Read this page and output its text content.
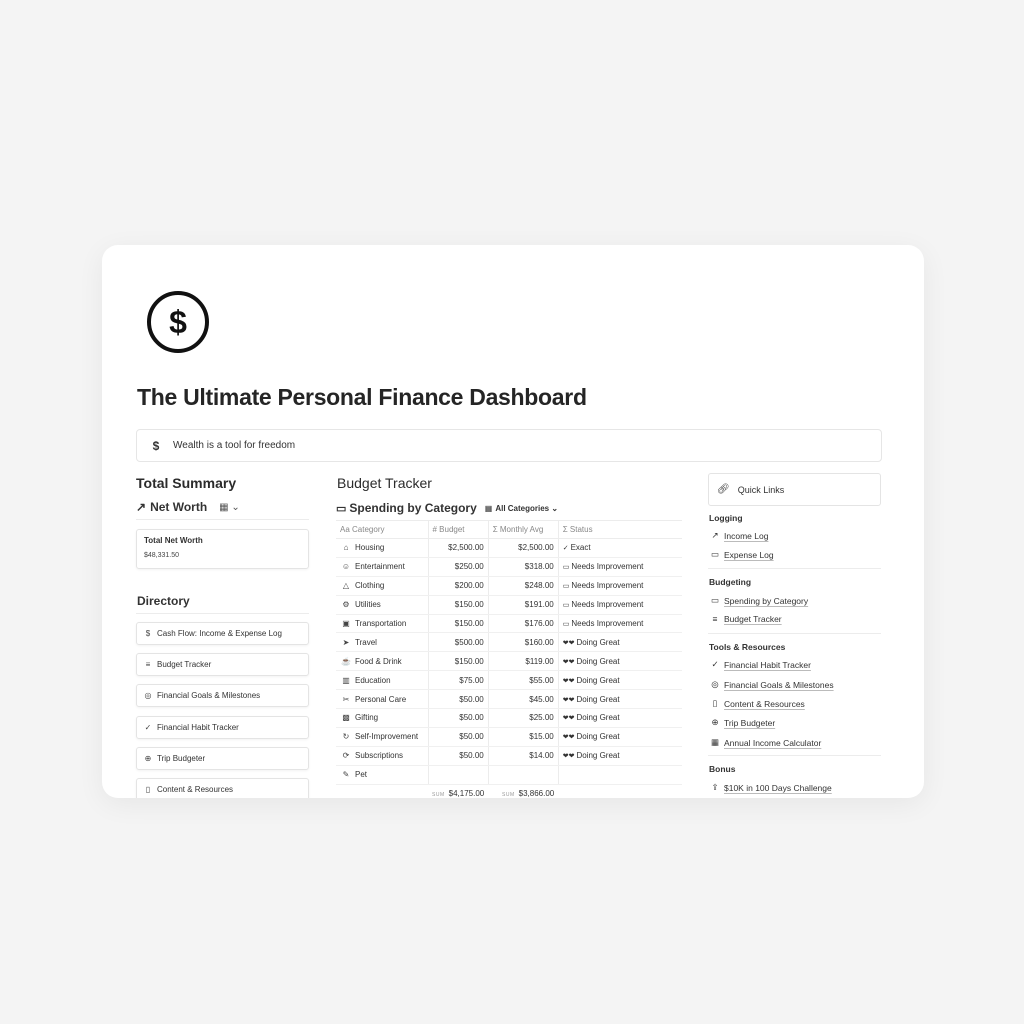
$
The Ultimate Personal Finance Dashboard
$	Wealth is a tool for freedom
Total Summary
↗ Net Worth ▦ ⌄
Total Net Worth
$48,331.50
Directory
$ Cash Flow: Income & Expense Log
≡ Budget Tracker
◎ Financial Goals & Milestones
✓ Financial Habit Tracker
⊕ Trip Budgeter
▯ Content & Resources
Budget Tracker
▭ Spending by Category ▦ All Categories ⌄
Aa Category	# Budget	Σ Monthly Avg	Σ Status
⌂ Housing	$2,500.00	$2,500.00	✓ Exact
☺ Entertainment	$250.00	$318.00	▭ Needs Improvement
△ Clothing	$200.00	$248.00	▭ Needs Improvement
⚙ Utilities	$150.00	$191.00	▭ Needs Improvement
▣ Transportation	$150.00	$176.00	▭ Needs Improvement
➤ Travel	$500.00	$160.00	❤❤ Doing Great
☕ Food & Drink	$150.00	$119.00	❤❤ Doing Great
▥ Education	$75.00	$55.00	❤❤ Doing Great
✂ Personal Care	$50.00	$45.00	❤❤ Doing Great
▩ Gifting	$50.00	$25.00	❤❤ Doing Great
↻ Self-Improvement	$50.00	$15.00	❤❤ Doing Great
⟳ Subscriptions	$50.00	$14.00	❤❤ Doing Great
✎ Pet			
	SUM $4,175.00	SUM $3,866.00	
🔗︎ Quick Links
Logging
↗ Income Log
▭ Expense Log
Budgeting
▭ Spending by Category
≡ Budget Tracker
Tools & Resources
✓ Financial Habit Tracker
◎ Financial Goals & Milestones
▯ Content & Resources
⊕ Trip Budgeter
▦ Annual Income Calculator
Bonus
⇪ $10K in 100 Days Challenge
